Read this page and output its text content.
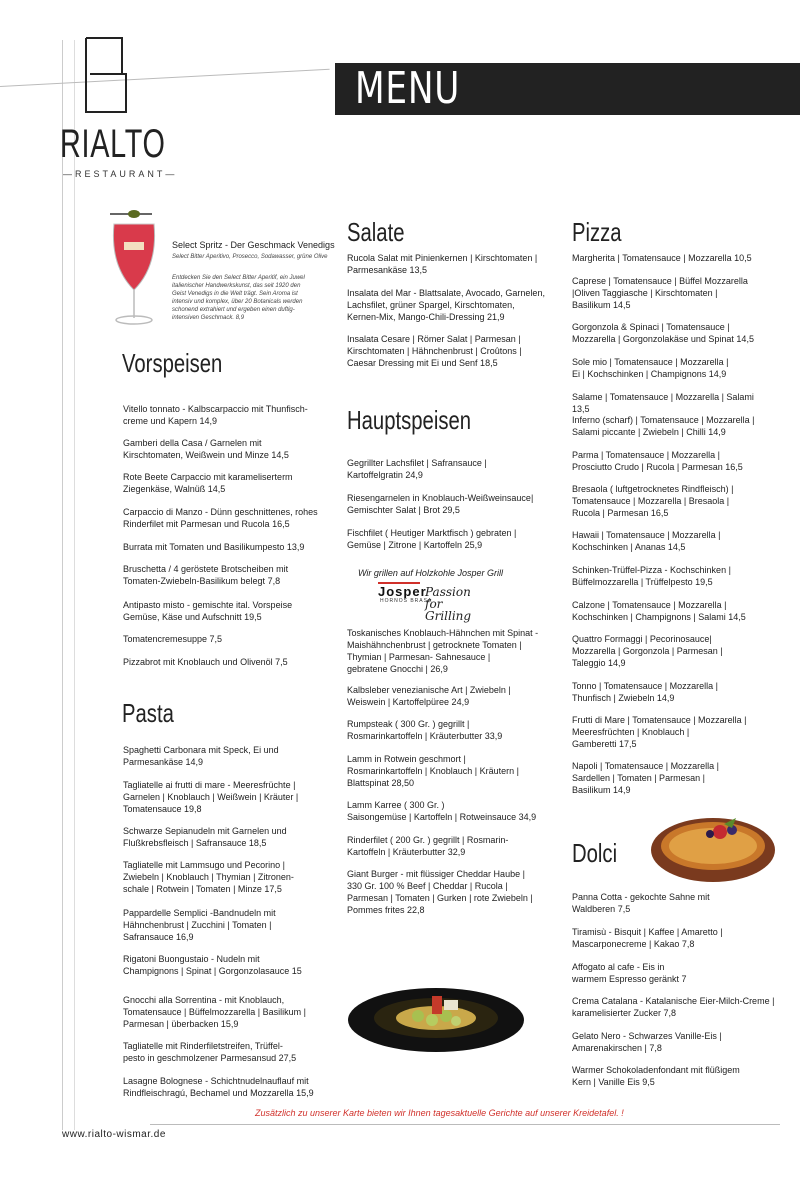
RIALTO
—RESTAURANT—
MENU
Select Spritz - Der Geschmack Venedigs
Select Bitter Aperitivo, Prosecco, Sodawasser, grüne Olive
Entdecken Sie den Select Bitter Aperitif, ein Juwel italienischer Handwerkskunst, das seit 1920 den Geist Venedigs in die Welt trägt. Sein Aroma ist intensiv und komplex, über 20 Botanicals werden schonend extrahiert und ergeben einen duftig-intensiven Geschmack. 8,9
Vorspeisen
Vitello tonnato - Kalbscarpaccio mit Thunfisch-
creme und Kapern 14,9
Gamberi della Casa / Garnelen mit
Kirschtomaten, Weißwein und Minze 14,5
Rote Beete Carpaccio mit karameliserterm
Ziegenkäse, Walnüß 14,5
Carpaccio di Manzo - Dünn geschnittenes, rohes
Rinderfilet mit Parmesan und Rucola 16,5
Burrata mit Tomaten und Basilikumpesto 13,9
Bruschetta / 4 geröstete Brotscheiben mit
Tomaten-Zwiebeln-Basilikum belegt 7,8
Antipasto misto - gemischte ital. Vorspeise
Gemüse, Käse und Aufschnitt 19,5
Tomatencremesuppe 7,5
Pizzabrot mit Knoblauch und Olivenöl 7,5
Pasta
Spaghetti Carbonara mit Speck, Ei und
Parmesankäse 14,9
Tagliatelle ai frutti di mare - Meeresfrüchte |
Garnelen | Knoblauch | Weißwein | Kräuter |
Tomatensauce 19,8
Schwarze Sepianudeln mit Garnelen und
Flußkrebsfleisch | Safransauce 18,5
Tagliatelle mit Lammsugo und Pecorino |
Zwiebeln | Knoblauch | Thymian | Zitronen-
schale | Rotwein | Tomaten | Minze 17,5
Pappardelle Semplici -Bandnudeln mit
Hähnchenbrust | Zucchini | Tomaten |
Safransauce 16,9
Rigatoni Buongustaio - Nudeln mit
Champignons | Spinat | Gorgonzolasauce 15
Gnocchi alla Sorrentina - mit Knoblauch,
Tomatensauce | Büffelmozzarella | Basilikum |
Parmesan | überbacken 15,9
Tagliatelle mit Rinderfiletstreifen, Trüffel-
pesto in geschmolzener Parmesansud 27,5
Lasagne Bolognese - Schichtnudelnauflauf mit
Rindfleischragú, Bechamel und Mozzarella 15,9
Salate
Rucola Salat mit Pinienkernen | Kirschtomaten |
Parmesankäse 13,5
Insalata del Mar - Blattsalate, Avocado, Garnelen,
Lachsfilet, grüner Spargel, Kirschtomaten,
Kernen-Mix, Mango-Chili-Dressing 21,9
Insalata Cesare | Römer Salat | Parmesan |
Kirschtomaten | Hähnchenbrust | Croûtons |
Caesar Dressing mit Ei und Senf 18,5
Hauptspeisen
Gegrillter Lachsfilet | Safransauce |
Kartoffelgratin 24,9
Riesengarnelen in Knoblauch-Weißweinsauce|
Gemischter Salat | Brot 29,5
Fischfilet ( Heutiger Marktfisch ) gebraten |
Gemüse | Zitrone | Kartoffeln 25,9
Wir grillen auf Holzkohle Josper Grill
Josper
HORNOS BRASA
Passion for Grilling
Toskanisches Knoblauch-Hähnchen mit Spinat -
Maishähnchenbrust | getrocknete Tomaten |
Thymian | Parmesan- Sahnesauce |
gebratene Gnocchi | 26,9
Kalbsleber venezianische Art | Zwiebeln |
Weiswein | Kartoffelpüree 24,9
Rumpsteak ( 300 Gr. ) gegrillt |
Rosmarinkartoffeln | Kräuterbutter 33,9
Lamm in Rotwein geschmort |
Rosmarinkartoffeln | Knoblauch | Kräutern |
Blattspinat 28,50
Lamm Karree ( 300 Gr. )
Saisongemüse | Kartoffeln | Rotweinsauce 34,9
Rinderfilet ( 200 Gr. ) gegrillt | Rosmarin-
Kartoffeln | Kräuterbutter 32,9
Giant Burger - mit flüssiger Cheddar Haube |
330 Gr. 100 % Beef | Cheddar | Rucola |
Parmesan | Tomaten | Gurken | rote Zwiebeln |
Pommes frites 22,8
Pizza
Margherita | Tomatensauce | Mozzarella 10,5
Caprese | Tomatensauce | Büffel Mozzarella
|Oliven Taggiasche | Kirschtomaten |
Basilikum 14,5
Gorgonzola & Spinaci | Tomatensauce |
Mozzarella | Gorgonzolakäse und Spinat 14,5
Sole mio | Tomatensauce | Mozzarella |
Ei | Kochschinken | Champignons 14,9
Salame | Tomatensauce | Mozzarella | Salami 13,5
Inferno (scharf) | Tomatensauce | Mozzarella |
Salami piccante | Zwiebeln | Chilli 14,9
Parma | Tomatensauce | Mozzarella |
Prosciutto Crudo | Rucola | Parmesan 16,5
Bresaola ( luftgetrocknetes Rindfleisch) |
Tomatensauce | Mozzarella | Bresaola |
Rucola | Parmesan 16,5
Hawaii | Tomatensauce | Mozzarella |
Kochschinken | Ananas 14,5
Schinken-Trüffel-Pizza - Kochschinken |
Büffelmozzarella | Trüffelpesto 19,5
Calzone | Tomatensauce | Mozzarella |
Kochschinken | Champignons | Salami 14,5
Quattro Formaggi | Pecorinosauce|
Mozzarella | Gorgonzola | Parmesan |
Taleggio 14,9
Tonno | Tomatensauce | Mozzarella |
Thunfisch | Zwiebeln 14,9
Frutti di Mare | Tomatensauce | Mozzarella |
Meeresfrüchten | Knoblauch |
Gamberetti 17,5
Napoli | Tomatensauce | Mozzarella |
Sardellen | Tomaten | Parmesan |
Basilikum 14,9
Dolci
Panna Cotta - gekochte Sahne mit
Waldberen 7,5
Tiramisù - Bisquit | Kaffee | Amaretto |
Mascarponecreme | Kakao 7,8
Affogato al cafe - Eis in
warmem Espresso geränkt 7
Crema Catalana - Katalanische Eier-Milch-Creme |
karamelisierter Zucker 7,8
Gelato Nero - Schwarzes Vanille-Eis |
Amarenakirschen | 7,8
Warmer Schokoladenfondant mit flüßigem
Kern | Vanille Eis 9,5
Zusätzlich zu unserer Karte bieten wir Ihnen tagesaktuelle Gerichte auf unserer Kreidetafel. !
www.rialto-wismar.de
